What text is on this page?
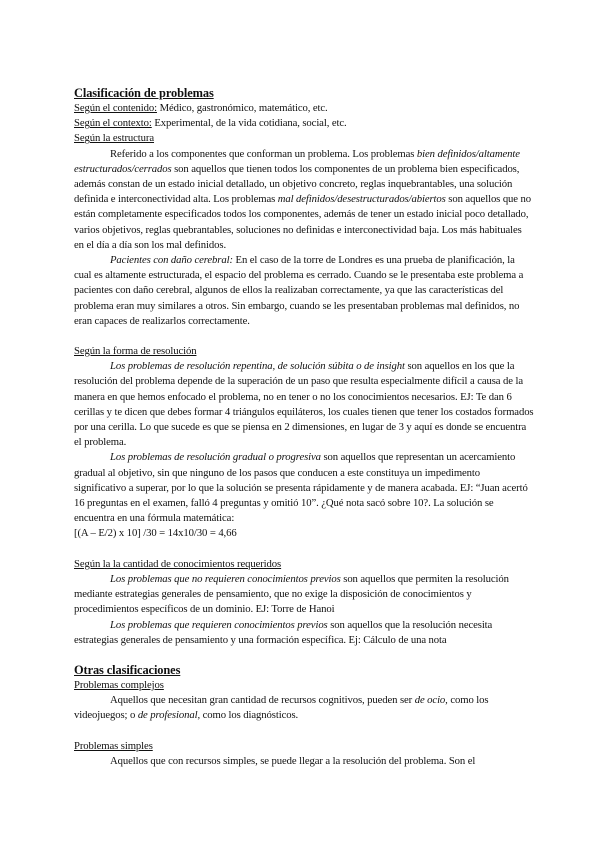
Clasificación de problemas

Según el contenido: Médico, gastronómico, matemático, etc.

Según el contexto: Experimental, de la vida cotidiana, social, etc.

Según la estructura

Referido a los componentes que conforman un problema. Los problemas bien definidos/altamente estructurados/cerrados son aquellos que tienen todos los componentes de un problema bien especificados, además constan de un estado inicial detallado, un objetivo concreto, reglas inquebrantables, una solución definida e interconectividad alta. Los problemas mal definidos/desestructurados/abiertos son aquellos que no están completamente especificados todos los componentes, además de tener un estado inicial poco detallado, varios objetivos, reglas quebrantables, soluciones no definidas e interconectividad baja. Los más habituales en el día a día son los mal definidos.

Pacientes con daño cerebral: En el caso de la torre de Londres es una prueba de planificación, la cual es altamente estructurada, el espacio del problema es cerrado. Cuando se le presentaba este problema a pacientes con daño cerebral, algunos de ellos la realizaban correctamente, ya que las características del problema eran muy similares a otros. Sin embargo, cuando se les presentaban problemas mal definidos, no eran capaces de realizarlos correctamente.

Según la forma de resolución

Los problemas de resolución repentina, de solución súbita o de insight son aquellos en los que la resolución del problema depende de la superación de un paso que resulta especialmente difícil a causa de la manera en que hemos enfocado el problema, no en tener o no los conocimientos necesarios. EJ: Te dan 6 cerillas y te dicen que debes formar 4 triángulos equiláteros, los cuales tienen que tener los costados formados por una cerilla. Lo que sucede es que se piensa en 2 dimensiones, en lugar de 3 y aquí es donde se encuentra el problema.

Los problemas de resolución gradual o progresiva son aquellos que representan un acercamiento gradual al objetivo, sin que ninguno de los pasos que conducen a este constituya un impedimento significativo a superar, por lo que la solución se presenta rápidamente y de manera acabada. EJ: “Juan acertó 16 preguntas en el examen, falló 4 preguntas y omitió 10”. ¿Qué nota sacó sobre 10?. La solución se encuentra en una fórmula matemática:

[(A – E/2) x 10] /30 = 14x10/30 = 4,66

Según la la cantidad de conocimientos requeridos

Los problemas que no requieren conocimientos previos son aquellos que permiten la resolución mediante estrategias generales de pensamiento, que no exige la disposición de conocimientos y procedimientos específicos de un dominio. EJ: Torre de Hanoi

Los problemas que requieren conocimientos previos son aquellos que la resolución necesita estrategias generales de pensamiento y una formación específica. Ej: Cálculo de una nota

Otras clasificaciones

Problemas complejos

Aquellos que necesitan gran cantidad de recursos cognitivos, pueden ser de ocio, como los videojuegos; o de profesional, como los diagnósticos.

Problemas simples

Aquellos que con recursos simples, se puede llegar a la resolución del problema. Son el
